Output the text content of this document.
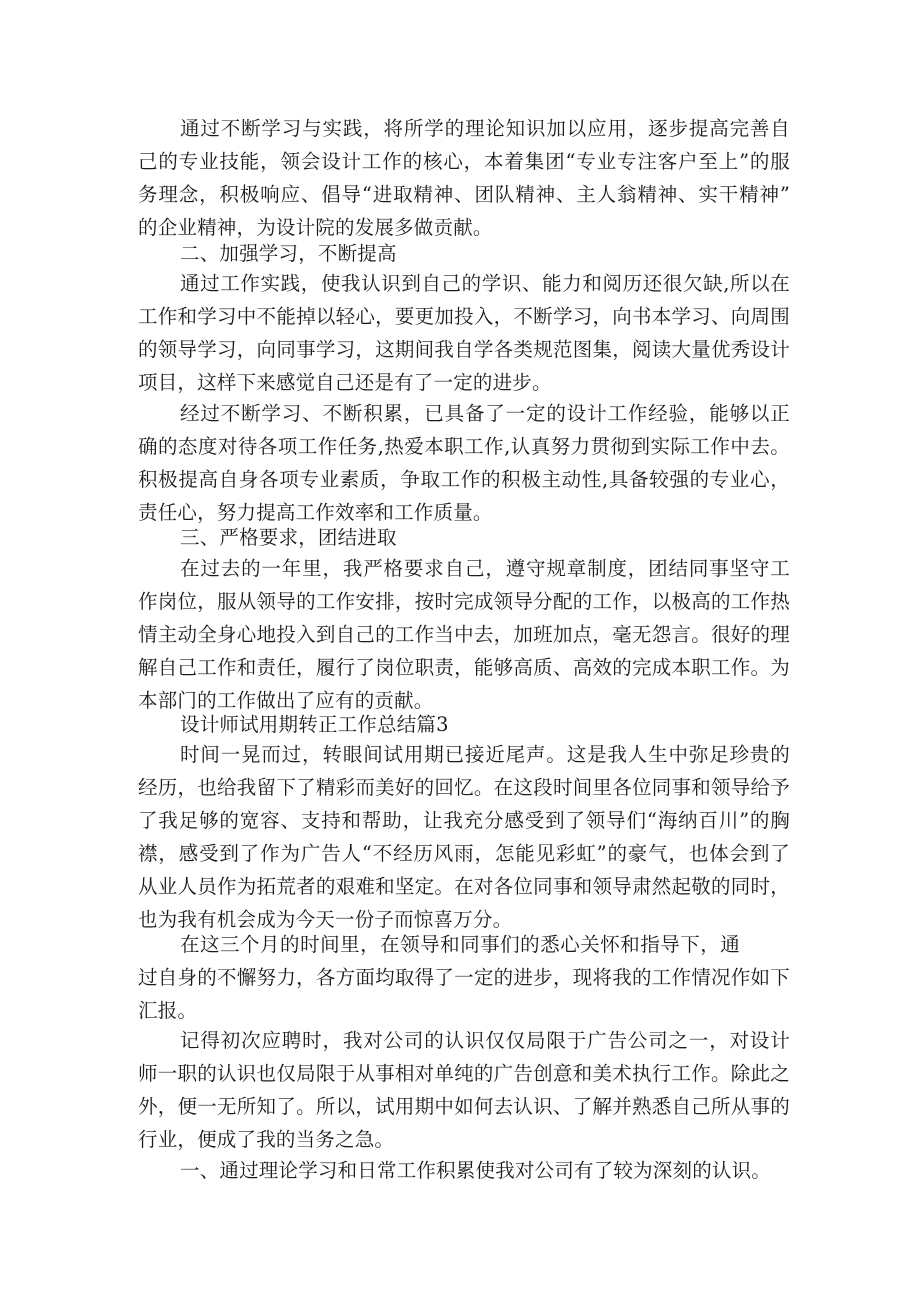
通过不断学习与实践，将所学的理论知识加以应用，逐步提高完善自
己的专业技能，领会设计工作的核心，本着集团“专业专注客户至上”的服
务理念，积极响应、倡导“进取精神、团队精神、主人翁精神、实干精神”
的企业精神，为设计院的发展多做贡献。
二、加强学习，不断提高
通过工作实践，使我认识到自己的学识、能力和阅历还很欠缺,所以在
工作和学习中不能掉以轻心，要更加投入，不断学习，向书本学习、向周围
的领导学习，向同事学习，这期间我自学各类规范图集，阅读大量优秀设计
项目，这样下来感觉自己还是有了一定的进步。
经过不断学习、不断积累，已具备了一定的设计工作经验，能够以正
确的态度对待各项工作任务,热爱本职工作,认真努力贯彻到实际工作中去。
积极提高自身各项专业素质，争取工作的积极主动性,具备较强的专业心，
责任心，努力提高工作效率和工作质量。
三、严格要求，团结进取
在过去的一年里，我严格要求自己，遵守规章制度，团结同事坚守工
作岗位，服从领导的工作安排，按时完成领导分配的工作，以极高的工作热
情主动全身心地投入到自己的工作当中去，加班加点，毫无怨言。很好的理
解自己工作和责任，履行了岗位职责，能够高质、高效的完成本职工作。为
本部门的工作做出了应有的贡献。
设计师试用期转正工作总结篇3
时间一晃而过，转眼间试用期已接近尾声。这是我人生中弥足珍贵的
经历，也给我留下了精彩而美好的回忆。在这段时间里各位同事和领导给予
了我足够的宽容、支持和帮助，让我充分感受到了领导们“海纳百川”的胸
襟，感受到了作为广告人“不经历风雨，怎能见彩虹”的豪气，也体会到了
从业人员作为拓荒者的艰难和坚定。在对各位同事和领导肃然起敬的同时，
也为我有机会成为今天一份子而惊喜万分。
在这三个月的时间里，在领导和同事们的悉心关怀和指导下，通
过自身的不懈努力，各方面均取得了一定的进步，现将我的工作情况作如下
汇报。
记得初次应聘时，我对公司的认识仅仅局限于广告公司之一，对设计
师一职的认识也仅局限于从事相对单纯的广告创意和美术执行工作。除此之
外，便一无所知了。所以，试用期中如何去认识、了解并熟悉自己所从事的
行业，便成了我的当务之急。
一、通过理论学习和日常工作积累使我对公司有了较为深刻的认识。
